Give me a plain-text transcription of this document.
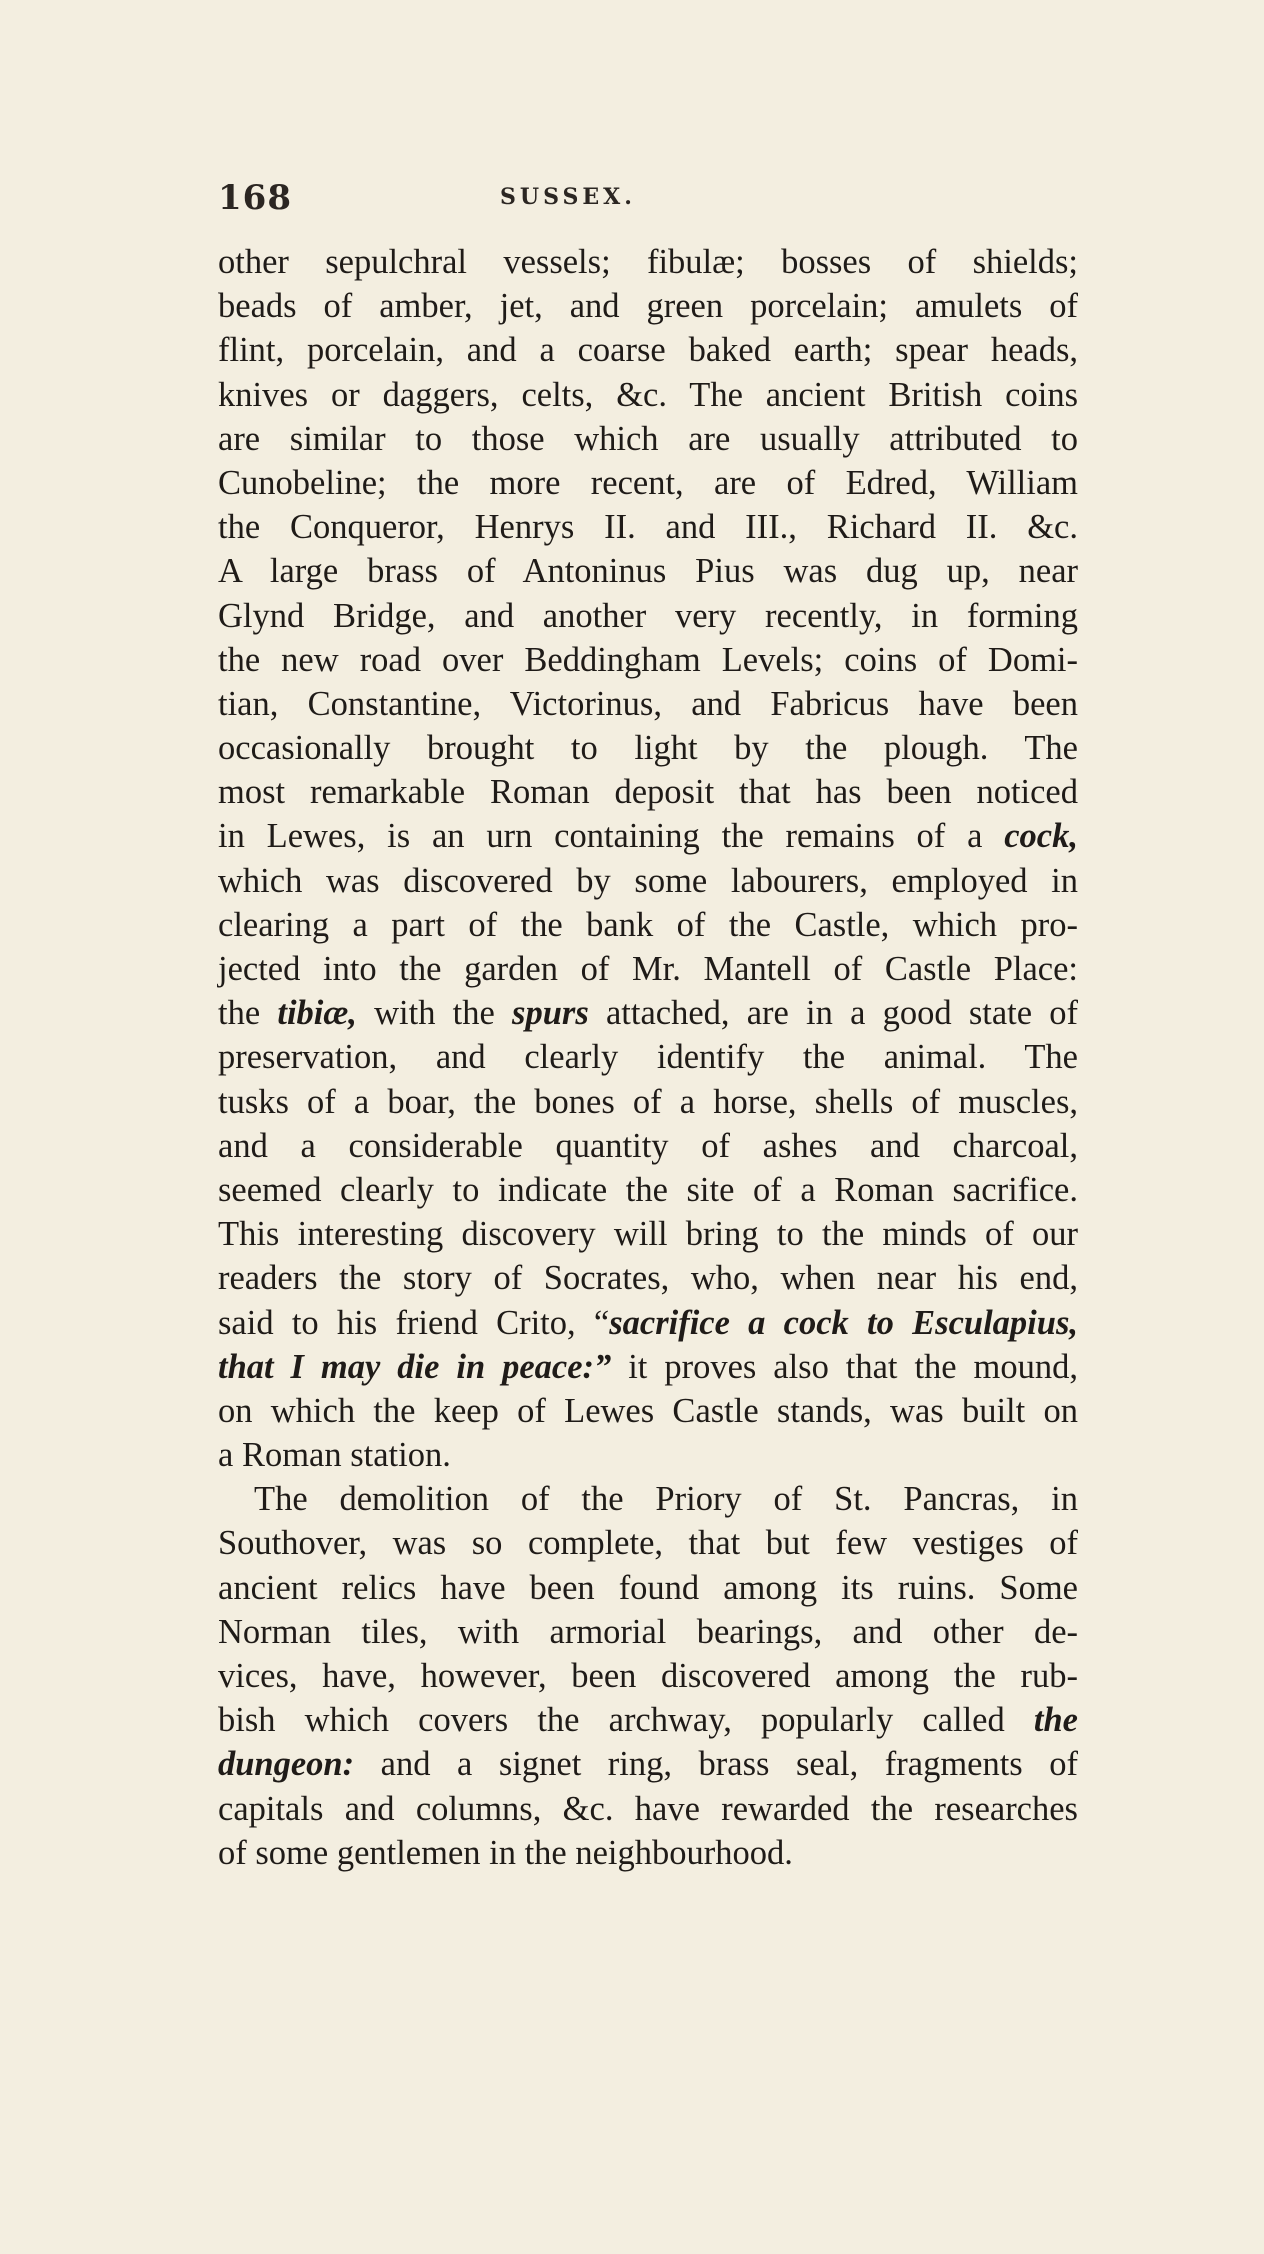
168	SUSSEX.
other sepulchral vessels; fibulæ; bosses of shields;
beads of amber, jet, and green porcelain; amulets of
flint, porcelain, and a coarse baked earth; spear heads,
knives or daggers, celts, &c. The ancient British coins
are similar to those which are usually attributed to
Cunobeline; the more recent, are of Edred, William
the Conqueror, Henrys II. and III., Richard II. &c.
A large brass of Antoninus Pius was dug up, near
Glynd Bridge, and another very recently, in forming
the new road over Beddingham Levels; coins of Domi-
tian, Constantine, Victorinus, and Fabricus have been
occasionally brought to light by the plough. The
most remarkable Roman deposit that has been noticed
in Lewes, is an urn containing the remains of a cock,
which was discovered by some labourers, employed in
clearing a part of the bank of the Castle, which pro-
jected into the garden of Mr. Mantell of Castle Place:
the tibiæ, with the spurs attached, are in a good state of
preservation, and clearly identify the animal. The
tusks of a boar, the bones of a horse, shells of muscles,
and a considerable quantity of ashes and charcoal,
seemed clearly to indicate the site of a Roman sacrifice.
This interesting discovery will bring to the minds of our
readers the story of Socrates, who, when near his end,
said to his friend Crito, “sacrifice a cock to Esculapius,
that I may die in peace:” it proves also that the mound,
on which the keep of Lewes Castle stands, was built on
a Roman station.
The demolition of the Priory of St. Pancras, in
Southover, was so complete, that but few vestiges of
ancient relics have been found among its ruins. Some
Norman tiles, with armorial bearings, and other de-
vices, have, however, been discovered among the rub-
bish which covers the archway, popularly called the
dungeon: and a signet ring, brass seal, fragments of
capitals and columns, &c. have rewarded the researches
of some gentlemen in the neighbourhood.
